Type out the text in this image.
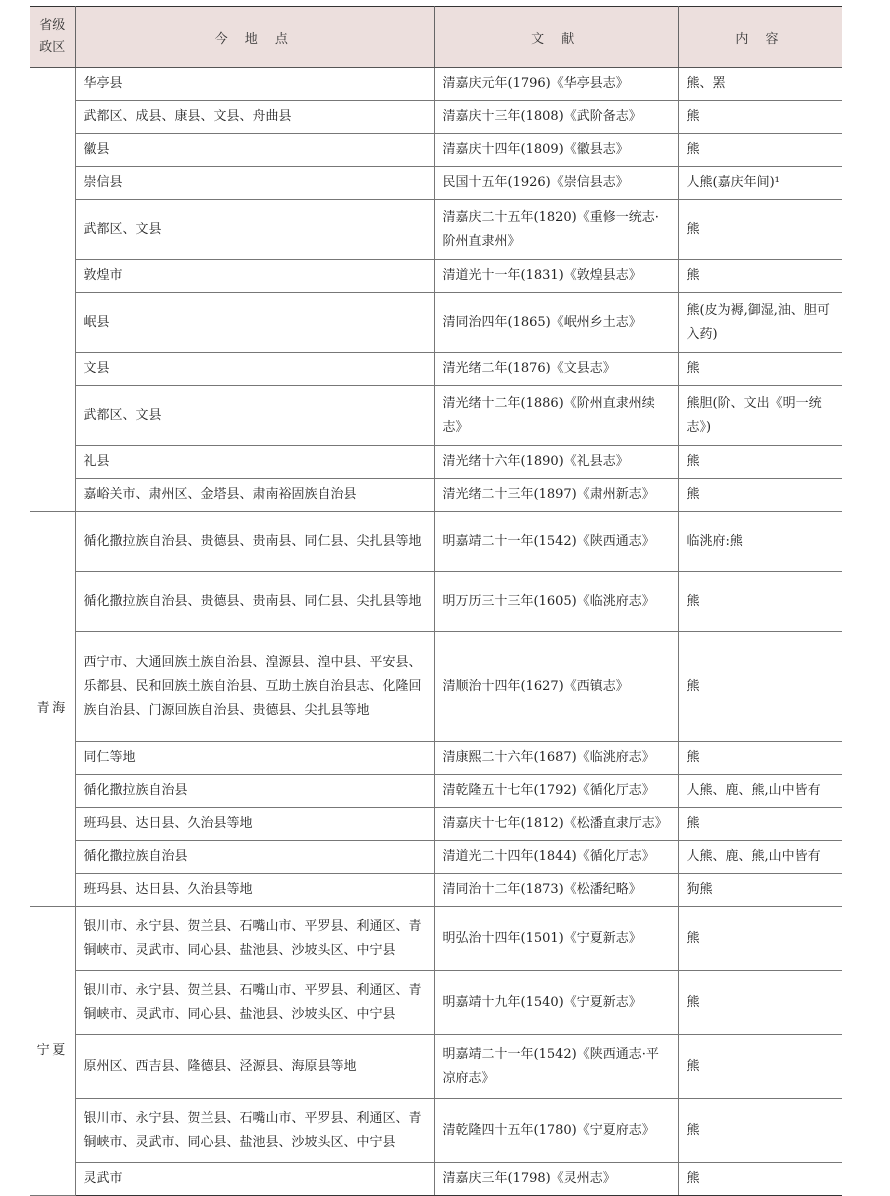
省级
政区	今 地 点	文 献	内 容
	华亭县	清嘉庆元年(1796)《华亭县志》	熊、罴
	武都区、成县、康县、文县、舟曲县	清嘉庆十三年(1808)《武阶备志》	熊
	徽县	清嘉庆十四年(1809)《徽县志》	熊
	崇信县	民国十五年(1926)《崇信县志》	人熊(嘉庆年间)¹
	武都区、文县	清嘉庆二十五年(1820)《重修一统志·阶州直隶州》	熊
	敦煌市	清道光十一年(1831)《敦煌县志》	熊
	岷县	清同治四年(1865)《岷州乡土志》	熊(皮为褥,御湿,油、胆可入药)
	文县	清光绪二年(1876)《文县志》	熊
	武都区、文县	清光绪十二年(1886)《阶州直隶州续志》	熊胆(阶、文出《明一统志》)
	礼县	清光绪十六年(1890)《礼县志》	熊
	嘉峪关市、肃州区、金塔县、肃南裕固族自治县	清光绪二十三年(1897)《肃州新志》	熊
青海	循化撒拉族自治县、贵德县、贵南县、同仁县、尖扎县等地	明嘉靖二十一年(1542)《陕西通志》	临洮府:熊
	循化撒拉族自治县、贵德县、贵南县、同仁县、尖扎县等地	明万历三十三年(1605)《临洮府志》	熊
	西宁市、大通回族土族自治县、湟源县、湟中县、平安县、乐都县、民和回族土族自治县、互助土族自治县志、化隆回族自治县、门源回族自治县、贵德县、尖扎县等地	清顺治十四年(1627)《西镇志》	熊
	同仁等地	清康熙二十六年(1687)《临洮府志》	熊
	循化撒拉族自治县	清乾隆五十七年(1792)《循化厅志》	人熊、鹿、熊,山中皆有
	班玛县、达日县、久治县等地	清嘉庆十七年(1812)《松潘直隶厅志》	熊
	循化撒拉族自治县	清道光二十四年(1844)《循化厅志》	人熊、鹿、熊,山中皆有
	班玛县、达日县、久治县等地	清同治十二年(1873)《松潘纪略》	狗熊
宁夏	银川市、永宁县、贺兰县、石嘴山市、平罗县、利通区、青铜峡市、灵武市、同心县、盐池县、沙坡头区、中宁县	明弘治十四年(1501)《宁夏新志》	熊
	银川市、永宁县、贺兰县、石嘴山市、平罗县、利通区、青铜峡市、灵武市、同心县、盐池县、沙坡头区、中宁县	明嘉靖十九年(1540)《宁夏新志》	熊
	原州区、西吉县、隆德县、泾源县、海原县等地	明嘉靖二十一年(1542)《陕西通志·平凉府志》	熊
	银川市、永宁县、贺兰县、石嘴山市、平罗县、利通区、青铜峡市、灵武市、同心县、盐池县、沙坡头区、中宁县	清乾隆四十五年(1780)《宁夏府志》	熊
	灵武市	清嘉庆三年(1798)《灵州志》	熊
